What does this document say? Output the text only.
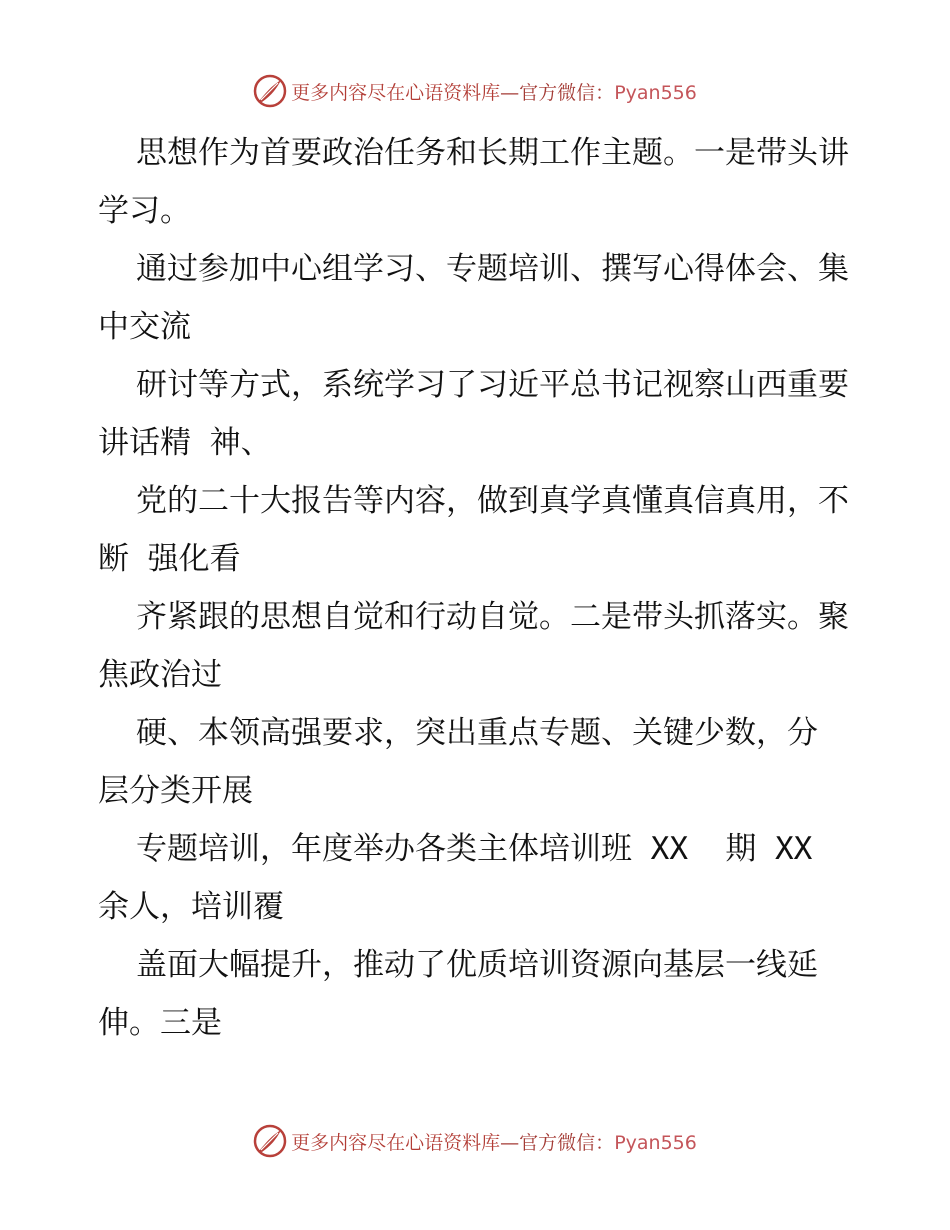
更多内容尽在心语资料库—官方微信：Pyan556

思想作为首要政治任务和长期工作主题。一是带头讲学习。

通过参加中心组学习、专题培训、撰写心得体会、集中交流

研讨等方式，系统学习了习近平总书记视察山西重要讲话精 神、

党的二十大报告等内容，做到真学真懂真信真用，不断 强化看

齐紧跟的思想自觉和行动自觉。二是带头抓落实。聚 焦政治过

硬、本领高强要求，突出重点专题、关键少数，分 层分类开展

专题培训，年度举办各类主体培训班 XX  期 XX 余人，培训覆

盖面大幅提升，推动了优质培训资源向基层一线延伸。三是

更多内容尽在心语资料库—官方微信：Pyan556
